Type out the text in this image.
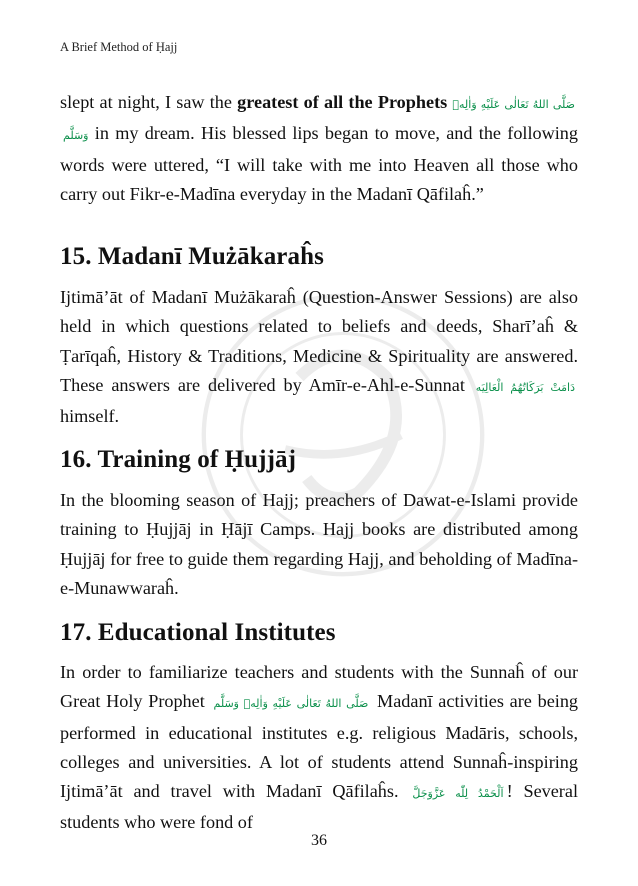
A Brief Method of Ḥajj

slept at night, I saw the greatest of all the Prophets صَلَّى اللهُ تَعَالٰى عَلَيْهِ وَاٰلِهٖ وَسَلَّم in my dream. His blessed lips began to move, and the following words were uttered, “I will take with me into Heaven all those who carry out Fikr-e-Madīna everyday in the Madanī Qāfilaĥ.”

15. Madanī Mużākaraĥs

Ijtimā’āt of Madanī Mużākaraĥ (Question-Answer Sessions) are also held in which questions related to beliefs and deeds, Sharī’aĥ & Ṭarīqaĥ, History & Traditions, Medicine & Spirituality are answered. These answers are delivered by Amīr-e-Ahl-e-Sunnat دَامَتْ بَرَكَاتُهُمُ الْعَالِيَه himself.

16. Training of Ḥujjāj

In the blooming season of Hajj; preachers of Dawat-e-Islami provide training to Ḥujjāj in Ḥājī Camps. Hajj books are distributed among Ḥujjāj for free to guide them regarding Hajj, and beholding of Madīna-e-Munawwaraĥ.

17. Educational Institutes

In order to familiarize teachers and students with the Sunnaĥ of our Great Holy Prophet صَلَّى اللهُ تَعَالٰى عَلَيْهِ وَاٰلِهٖ وَسَلَّم Madanī activities are being performed in educational institutes e.g. religious Madāris, schools, colleges and universities. A lot of students attend Sunnaĥ-inspiring Ijtimā’āt and travel with Madanī Qāfilaĥs. اَلْحَمْدُ لِلّٰه عَزَّوَجَلَّ ! Several students who were fond of

36
